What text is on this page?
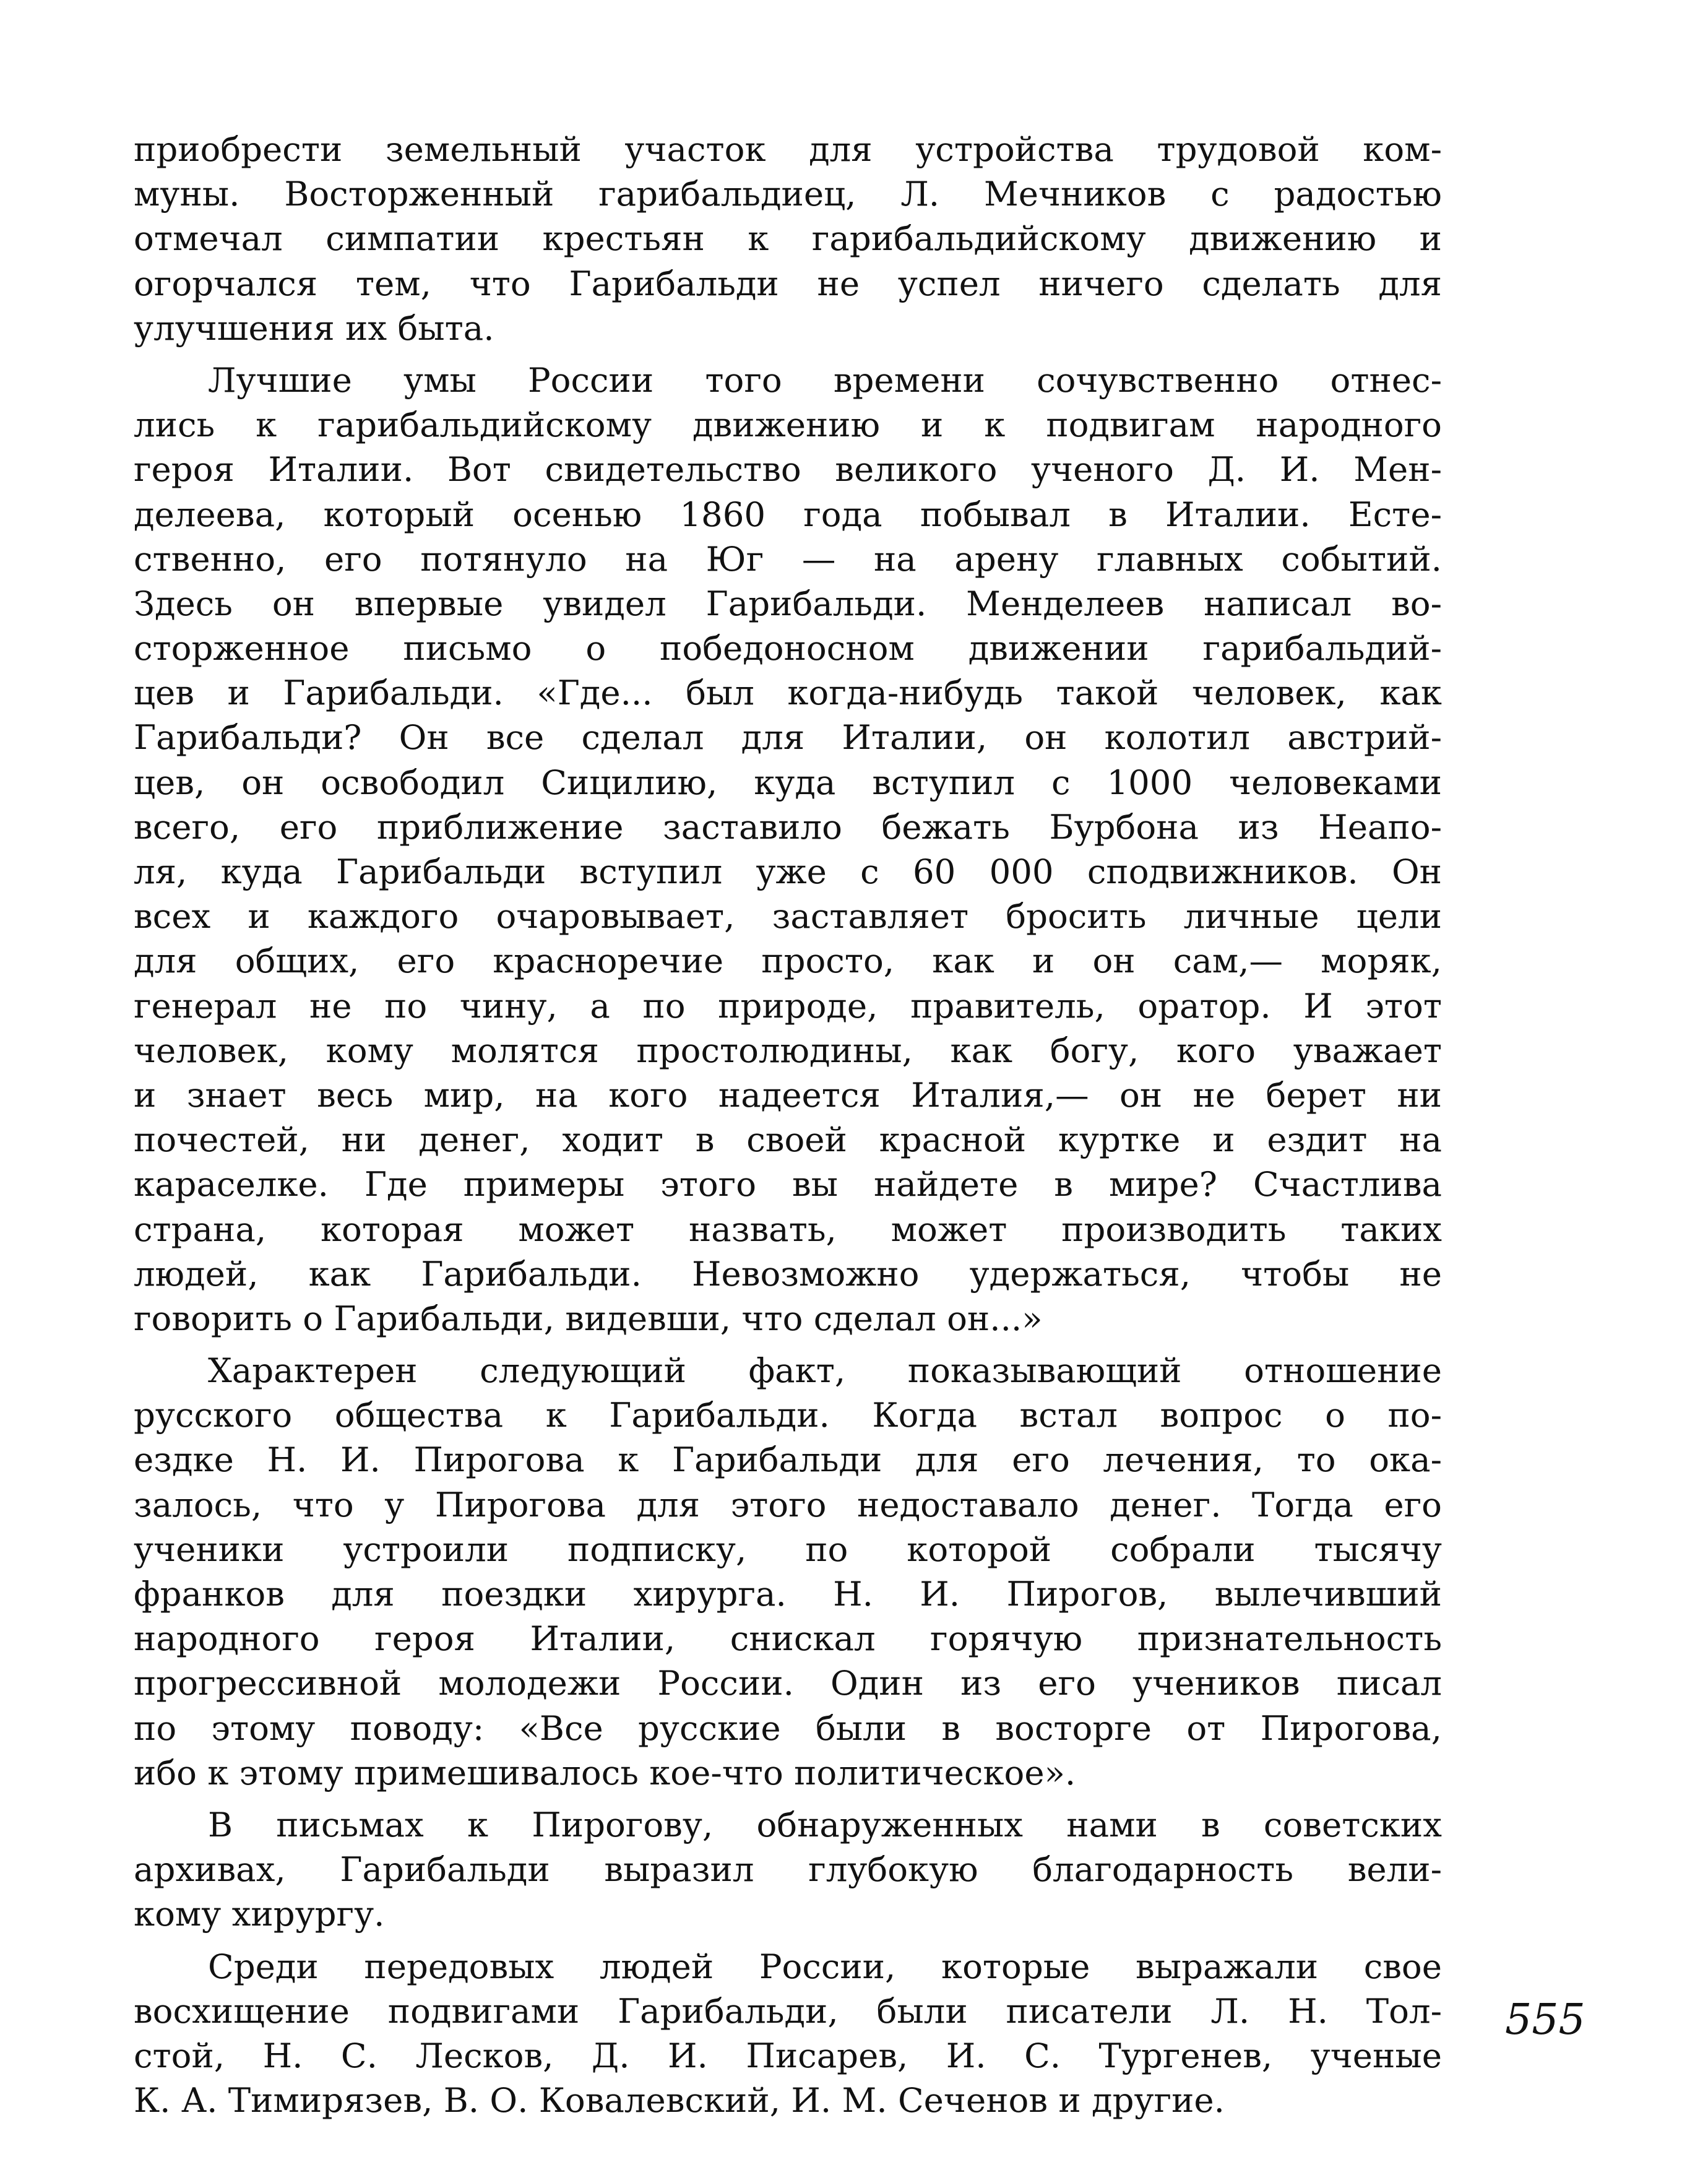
приобрести земельный участок для устройства трудовой ком-
муны. Восторженный гарибальдиец, Л. Мечников с радостью
отмечал симпатии крестьян к гарибальдийскому движению и
огорчался тем, что Гарибальди не успел ничего сделать для
улучшения их быта.
Лучшие умы России того времени сочувственно отнес-
лись к гарибальдийскому движению и к подвигам народного
героя Италии. Вот свидетельство великого ученого Д. И. Мен-
делеева, который осенью 1860 года побывал в Италии. Есте-
ственно, его потянуло на Юг — на арену главных событий.
Здесь он впервые увидел Гарибальди. Менделеев написал во-
сторженное письмо о победоносном движении гарибальдий-
цев и Гарибальди. «Где... был когда-нибудь такой человек, как
Гарибальди? Он все сделал для Италии, он колотил австрий-
цев, он освободил Сицилию, куда вступил с 1000 человеками
всего, его приближение заставило бежать Бурбона из Неапо-
ля, куда Гарибальди вступил уже с 60 000 сподвижников. Он
всех и каждого очаровывает, заставляет бросить личные цели
для общих, его красноречие просто, как и он сам,— моряк,
генерал не по чину, а по природе, правитель, оратор. И этот
человек, кому молятся простолюдины, как богу, кого уважает
и знает весь мир, на кого надеется Италия,— он не берет ни
почестей, ни денег, ходит в своей красной куртке и ездит на
караселке. Где примеры этого вы найдете в мире? Счастлива
страна, которая может назвать, может производить таких
людей, как Гарибальди. Невозможно удержаться, чтобы не
говорить о Гарибальди, видевши, что сделал он...»
Характерен следующий факт, показывающий отношение
русского общества к Гарибальди. Когда встал вопрос о по-
ездке Н. И. Пирогова к Гарибальди для его лечения, то ока-
залось, что у Пирогова для этого недоставало денег. Тогда его
ученики устроили подписку, по которой собрали тысячу
франков для поездки хирурга. Н. И. Пирогов, вылечивший
народного героя Италии, снискал горячую признательность
прогрессивной молодежи России. Один из его учеников писал
по этому поводу: «Все русские были в восторге от Пирогова,
ибо к этому примешивалось кое-что политическое».
В письмах к Пирогову, обнаруженных нами в советских
архивах, Гарибальди выразил глубокую благодарность вели-
кому хирургу.
Среди передовых людей России, которые выражали свое
восхищение подвигами Гарибальди, были писатели Л. Н. Тол-
стой, Н. С. Лесков, Д. И. Писарев, И. С. Тургенев, ученые
К. А. Тимирязев, В. О. Ковалевский, И. М. Сеченов и другие.
555
